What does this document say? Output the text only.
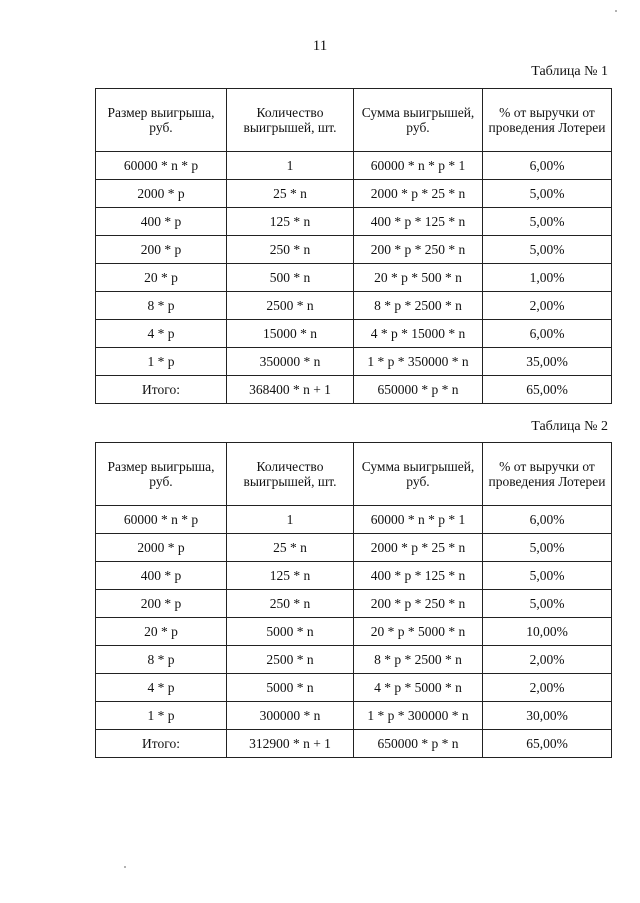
11
Таблица № 1
Размер выигрыша, руб.	Количество выигрышей, шт.	Сумма выигрышей, руб.	% от выручки от проведения Лотереи
60000 * n * p	1	60000 * n * p * 1	6,00%
2000 * p	25 * n	2000 * p * 25 * n	5,00%
400 * p	125 * n	400 * p * 125 * n	5,00%
200 * p	250 * n	200 * p * 250 * n	5,00%
20 * p	500 * n	20 * p * 500 * n	1,00%
8 * p	2500 * n	8 * p * 2500 * n	2,00%
4 * p	15000 * n	4 * p * 15000 * n	6,00%
1 * p	350000 * n	1 * p * 350000 * n	35,00%
Итого:	368400 * n + 1	650000 * p * n	65,00%
Таблица № 2
Размер выигрыша, руб.	Количество выигрышей, шт.	Сумма выигрышей, руб.	% от выручки от проведения Лотереи
60000 * n * p	1	60000 * n * p * 1	6,00%
2000 * p	25 * n	2000 * p * 25 * n	5,00%
400 * p	125 * n	400 * p * 125 * n	5,00%
200 * p	250 * n	200 * p * 250 * n	5,00%
20 * p	5000 * n	20 * p * 5000 * n	10,00%
8 * p	2500 * n	8 * p * 2500 * n	2,00%
4 * p	5000 * n	4 * p * 5000 * n	2,00%
1 * p	300000 * n	1 * p * 300000 * n	30,00%
Итого:	312900 * n + 1	650000 * p * n	65,00%
